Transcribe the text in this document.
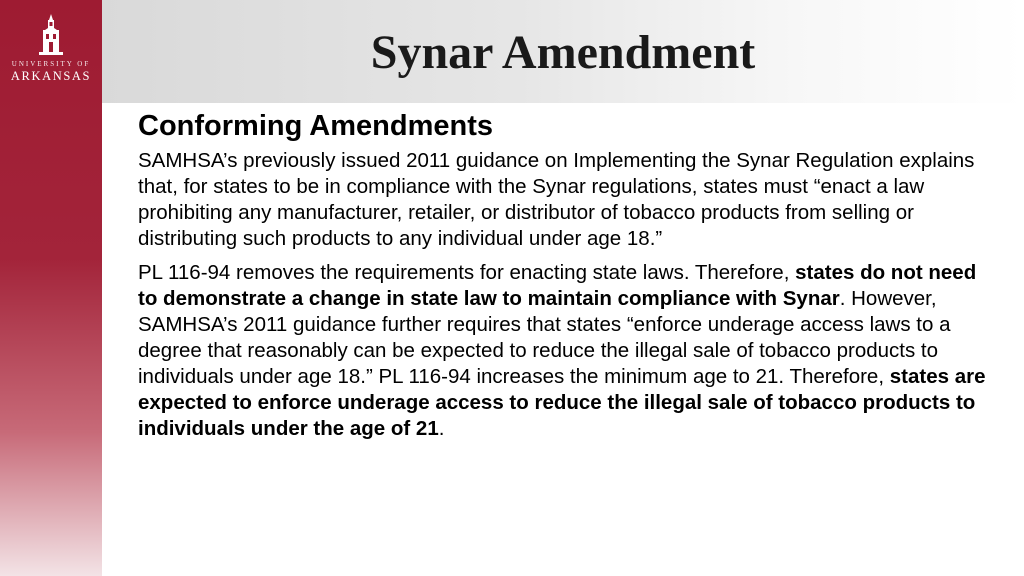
UNIVERSITY OF
ARKANSAS	Synar Amendment
Conforming Amendments

SAMHSA’s previously issued 2011 guidance on Implementing the Synar Regulation explains that, for states to be in compliance with the Synar regulations, states must “enact a law prohibiting any manufacturer, retailer, or distributor of tobacco products from selling or distributing such products to any individual under age 18.”

PL 116-94 removes the requirements for enacting state laws. Therefore, states do not need to demonstrate a change in state law to maintain compliance with Synar. However, SAMHSA’s 2011 guidance further requires that states “enforce underage access laws to a degree that reasonably can be expected to reduce the illegal sale of tobacco products to individuals under age 18.” PL 116-94 increases the minimum age to 21. Therefore, states are expected to enforce underage access to reduce the illegal sale of tobacco products to individuals under the age of 21.
